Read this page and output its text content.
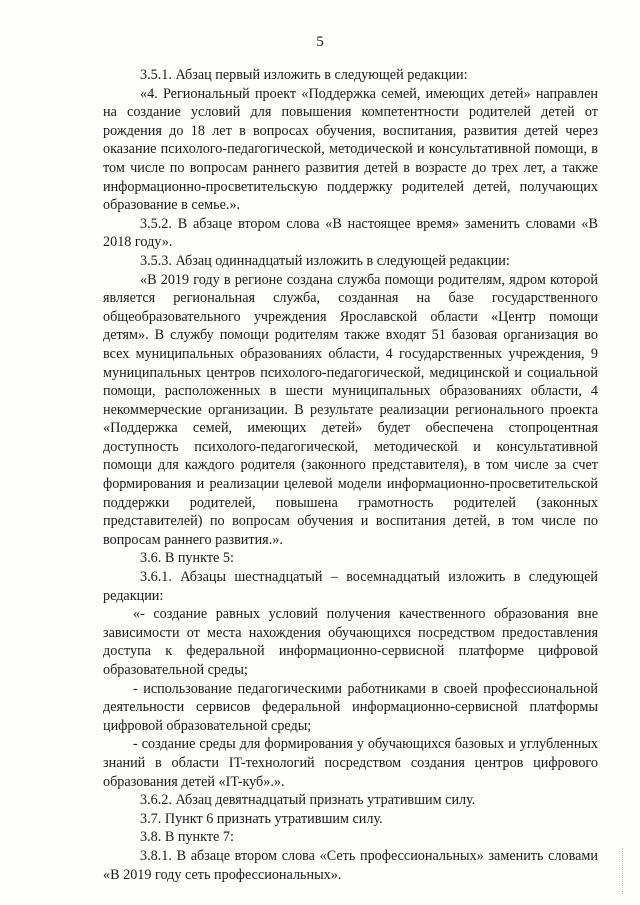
5

3.5.1. Абзац первый изложить в следующей редакции:

«4. Региональный проект «Поддержка семей, имеющих детей» направлен на создание условий для повышения компетентности родителей детей от рождения до 18 лет в вопросах обучения, воспитания, развития детей через оказание психолого-педагогической, методической и консультативной помощи, в том числе по вопросам раннего развития детей в возрасте до трех лет, а также информационно-просветительскую поддержку родителей детей, получающих образование в семье.».

3.5.2. В абзаце втором слова «В настоящее время» заменить словами «В 2018 году».

3.5.3. Абзац одиннадцатый изложить в следующей редакции:

«В 2019 году в регионе создана служба помощи родителям, ядром которой является региональная служба, созданная на базе государственного общеобразовательного учреждения Ярославской области «Центр помощи детям». В службу помощи родителям также входят 51 базовая организация во всех муниципальных образованиях области, 4 государственных учреждения, 9 муниципальных центров психолого-педагогической, медицинской и социальной помощи, расположенных в шести муниципальных образованиях области, 4 некоммерческие организации. В результате реализации регионального проекта «Поддержка семей, имеющих детей» будет обеспечена стопроцентная доступность психолого-педагогической, методической и консультативной помощи для каждого родителя (законного представителя), в том числе за счет формирования и реализации целевой модели информационно-просветительской поддержки родителей, повышена грамотность родителей (законных представителей) по вопросам обучения и воспитания детей, в том числе по вопросам раннего развития.».

3.6. В пункте 5:

3.6.1. Абзацы шестнадцатый – восемнадцатый изложить в следующей редакции:

«- создание равных условий получения качественного образования вне зависимости от места нахождения обучающихся посредством предоставления доступа к федеральной информационно-сервисной платформе цифровой образовательной среды;

- использование педагогическими работниками в своей профессиональной деятельности сервисов федеральной информационно-сервисной платформы цифровой образовательной среды;

- создание среды для формирования у обучающихся базовых и углубленных знаний в области IT-технологий посредством создания центров цифрового образования детей «IT-куб».».

3.6.2. Абзац девятнадцатый признать утратившим силу.

3.7. Пункт 6 признать утратившим силу.

3.8. В пункте 7:

3.8.1. В абзаце втором слова «Сеть профессиональных» заменить словами «В 2019 году сеть профессиональных».
